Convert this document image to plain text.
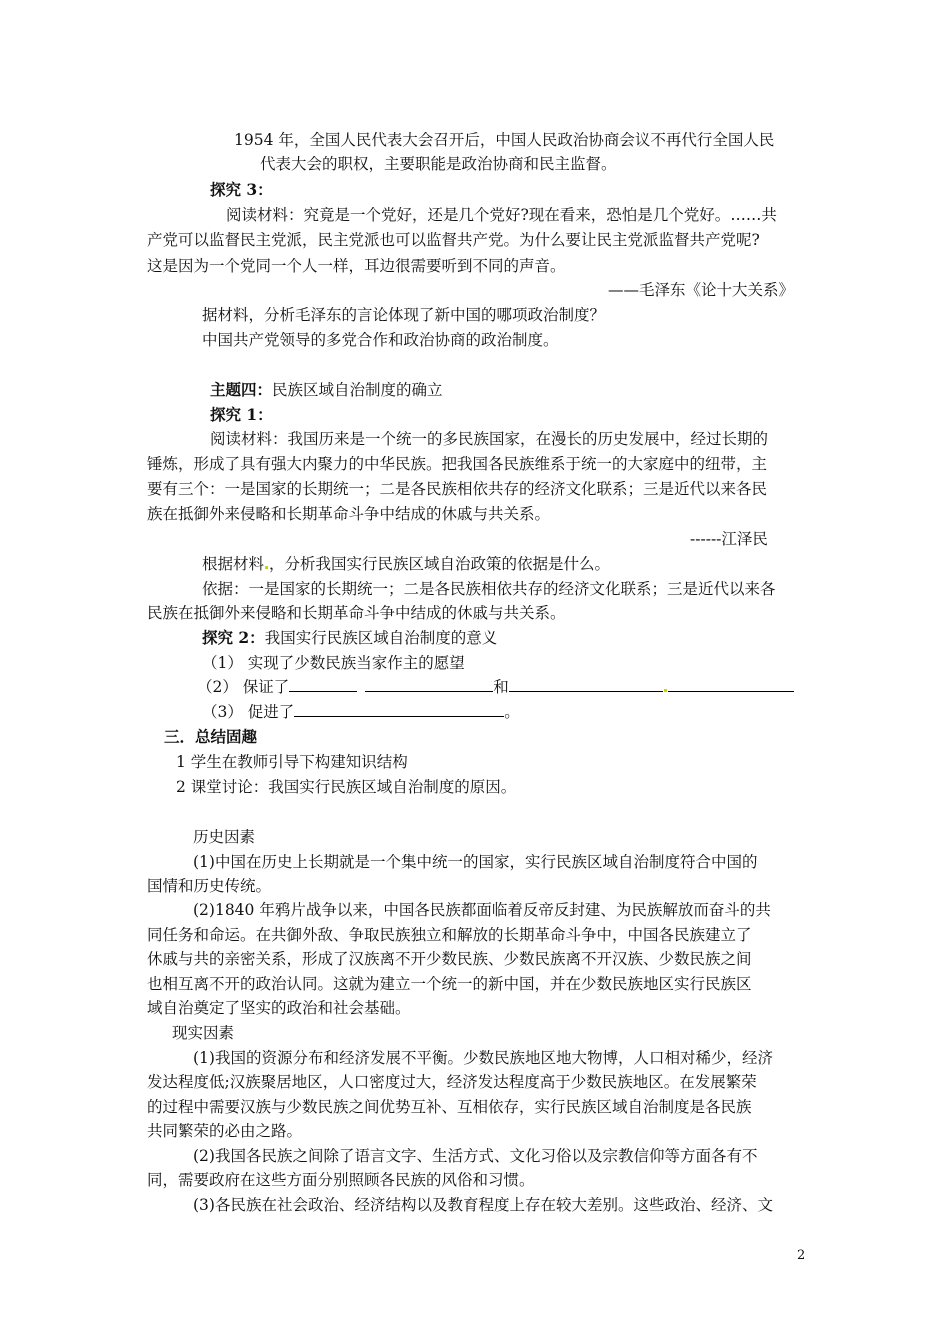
1954 年，全国人民代表大会召开后，中国人民政治协商会议不再代行全国人民
代表大会的职权，主要职能是政治协商和民主监督。
探究 3：
阅读材料：究竟是一个党好，还是几个党好?现在看来，恐怕是几个党好。……共
产党可以监督民主党派，民主党派也可以监督共产党。为什么要让民主党派监督共产党呢?
这是因为一个党同一个人一样，耳边很需要听到不同的声音。
——毛泽东《论十大关系》
据材料，分析毛泽东的言论体现了新中国的哪项政治制度？
中国共产党领导的多党合作和政治协商的政治制度。
主题四：民族区域自治制度的确立
探究 1：
阅读材料：我国历来是一个统一的多民族国家，在漫长的历史发展中，经过长期的
锤炼，形成了具有强大内聚力的中华民族。把我国各民族维系于统一的大家庭中的纽带，主
要有三个：一是国家的长期统一；二是各民族相依共存的经济文化联系；三是近代以来各民
族在抵御外来侵略和长期革命斗争中结成的休戚与共关系。
------江泽民
根据材料 ，分析我国实行民族区域自治政策的依据是什么。
依据：一是国家的长期统一；二是各民族相依共存的经济文化联系；三是近代以来各
民族在抵御外来侵略和长期革命斗争中结成的休戚与共关系。
探究 2：我国实行民族区域自治制度的意义
（1） 实现了少数民族当家作主的愿望
（2） 保证了	和
（3） 促进了	。
三．总结固趣
1 学生在教师引导下构建知识结构
2 课堂讨论：我国实行民族区域自治制度的原因。
历史因素
(1)中国在历史上长期就是一个集中统一的国家，实行民族区域自治制度符合中国的
国情和历史传统。
(2)1840 年鸦片战争以来，中国各民族都面临着反帝反封建、为民族解放而奋斗的共
同任务和命运。在共御外敌、争取民族独立和解放的长期革命斗争中，中国各民族建立了
休戚与共的亲密关系，形成了汉族离不开少数民族、少数民族离不开汉族、少数民族之间
也相互离不开的政治认同。这就为建立一个统一的新中国，并在少数民族地区实行民族区
域自治奠定了坚实的政治和社会基础。
现实因素
(1)我国的资源分布和经济发展不平衡。少数民族地区地大物博，人口相对稀少，经济
发达程度低;汉族聚居地区，人口密度过大，经济发达程度高于少数民族地区。在发展繁荣
的过程中需要汉族与少数民族之间优势互补、互相依存，实行民族区域自治制度是各民族
共同繁荣的必由之路。
(2)我国各民族之间除了语言文字、生活方式、文化习俗以及宗教信仰等方面各有不
同，需要政府在这些方面分别照顾各民族的风俗和习惯。
(3)各民族在社会政治、经济结构以及教育程度上存在较大差别。这些政治、经济、文
2
